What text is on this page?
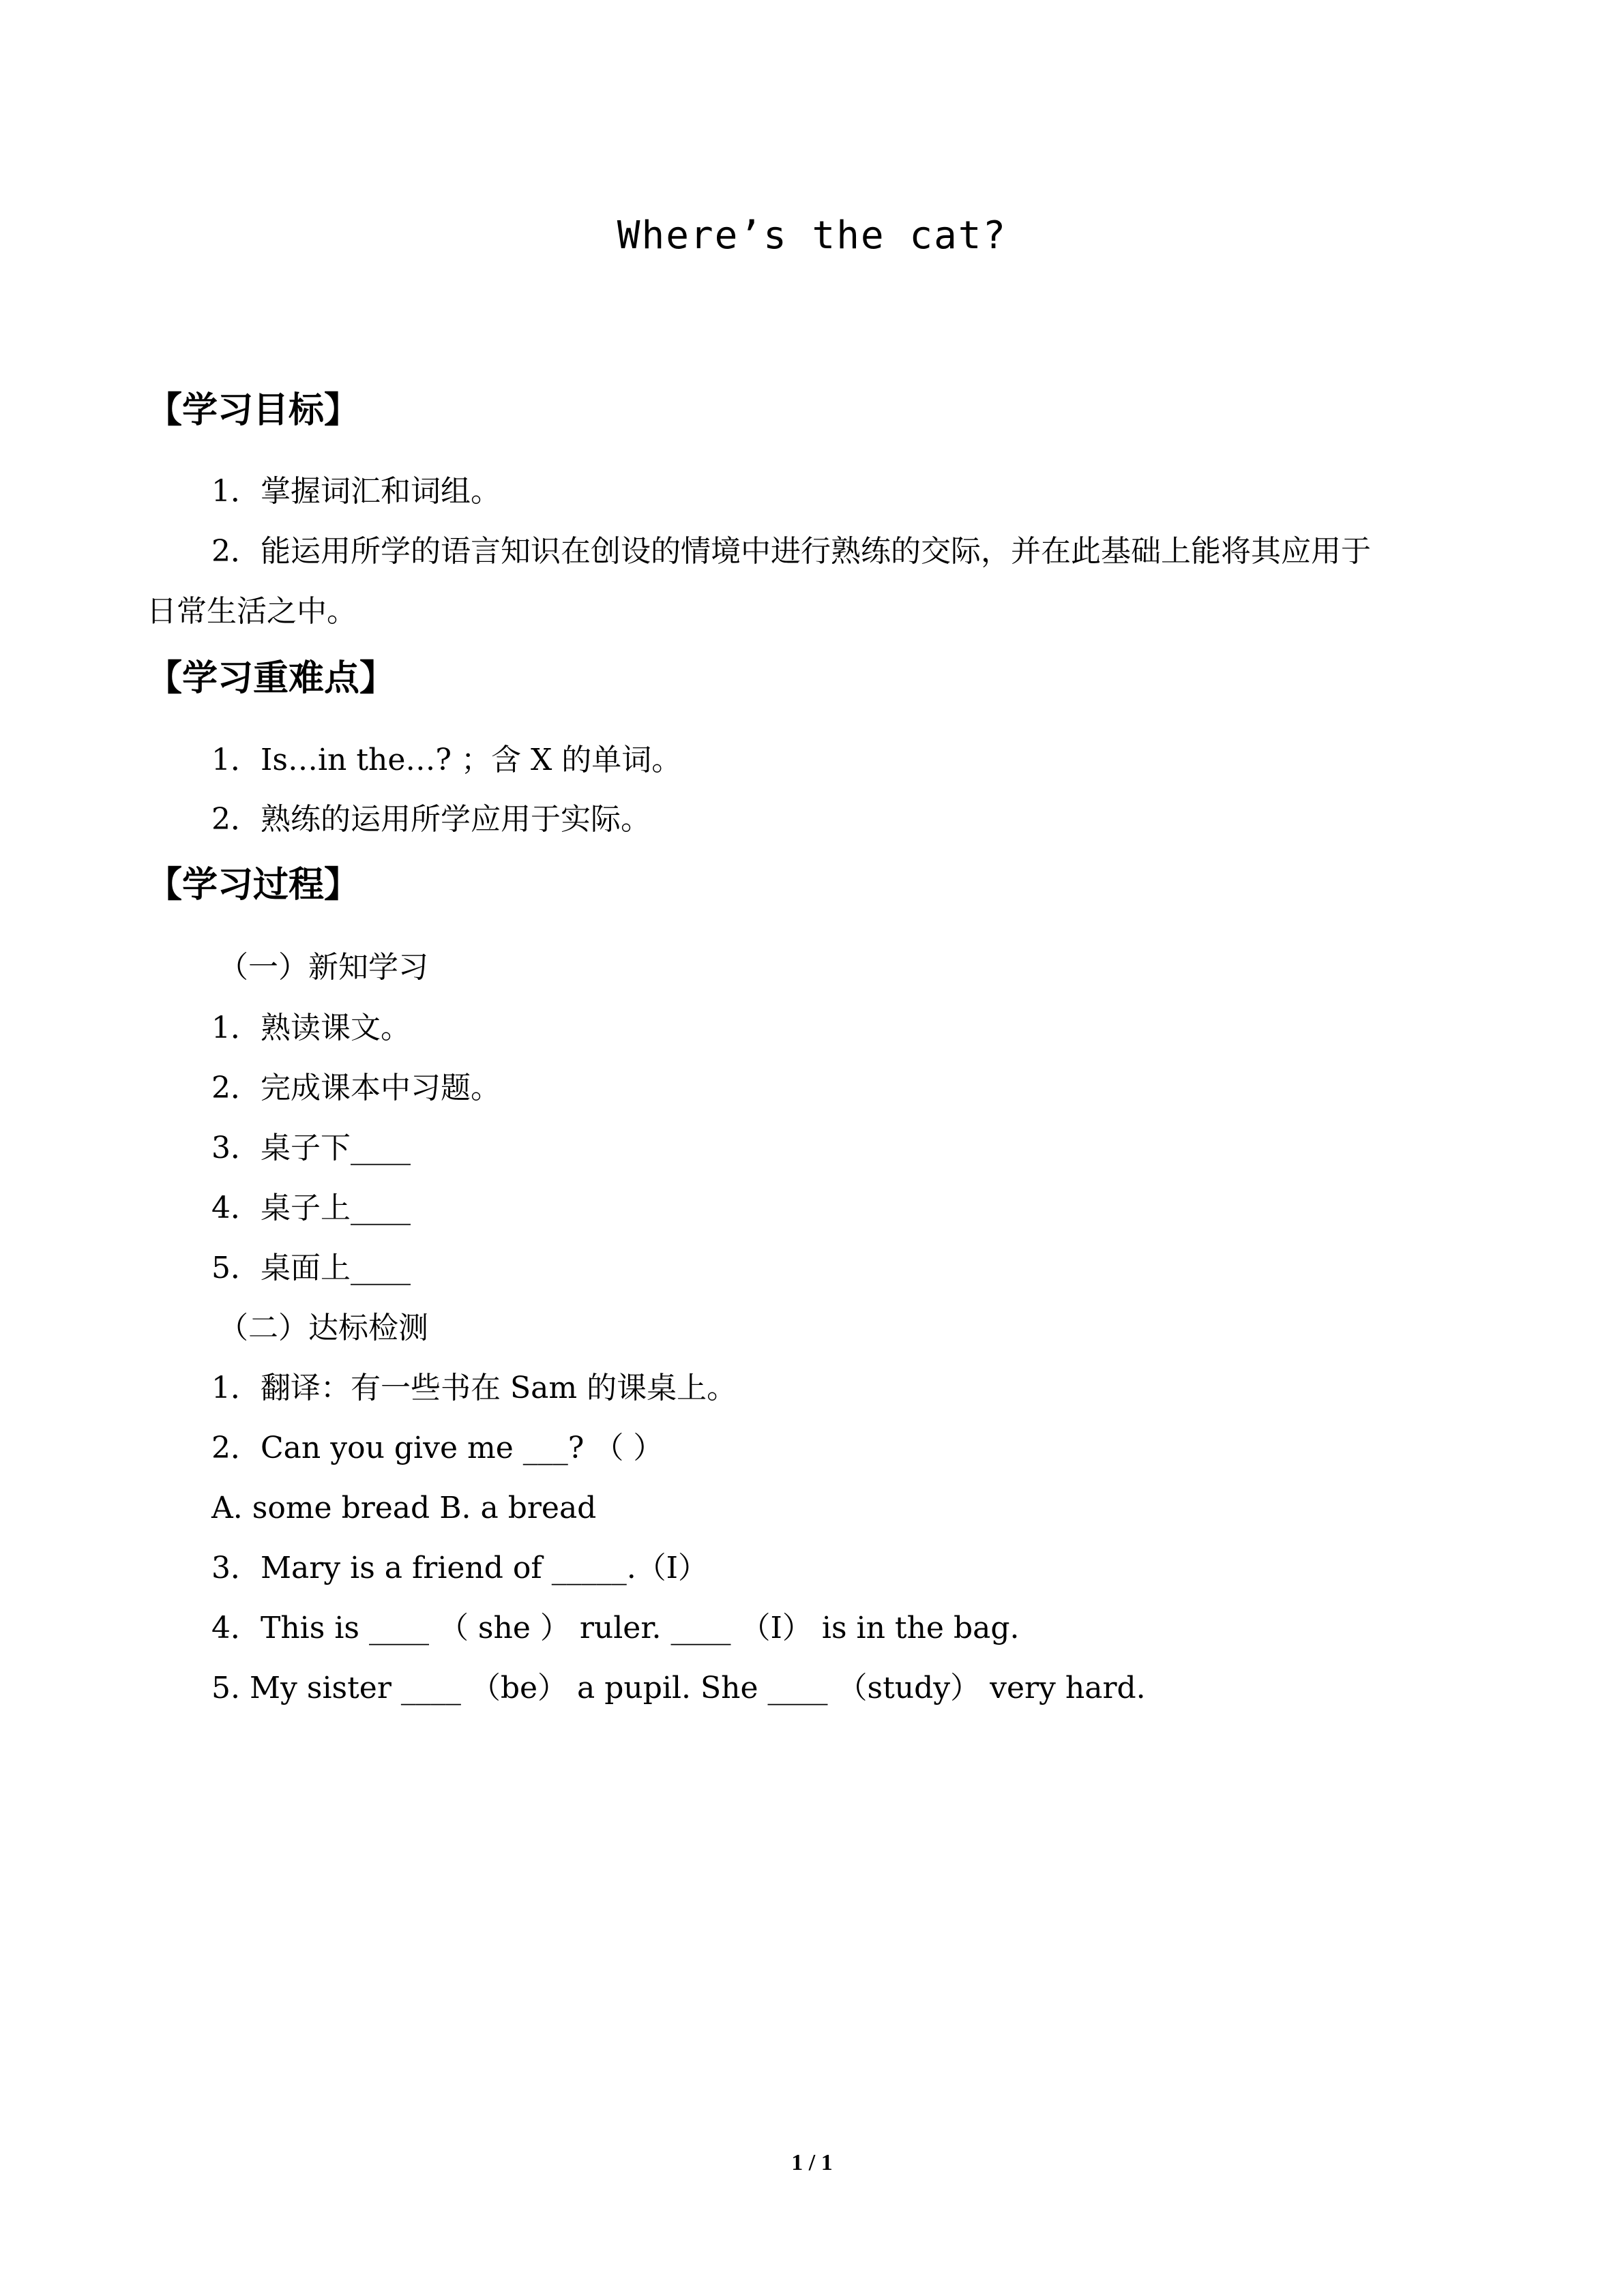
Where’s the cat?
【学习目标】
1．掌握词汇和词组。
2．能运用所学的语言知识在创设的情境中进行熟练的交际，并在此基础上能将其应用于
日常生活之中。
【学习重难点】
1．Is…in the…? ；含 X 的单词。
2．熟练的运用所学应用于实际。
【学习过程】
（一）新知学习
1．熟读课文。
2．完成课本中习题。
3．桌子下____
4．桌子上____
5．桌面上____
（二）达标检测
1．翻译：有一些书在 Sam 的课桌上。
2．Can you give me ___? （ ）
A. some bread B. a bread
3．Mary is a friend of _____.（I）
4．This is ____ （ she ） ruler. ____ （I） is in the bag.
5. My sister ____ （be） a pupil. She ____ （study） very hard.
1 / 1
